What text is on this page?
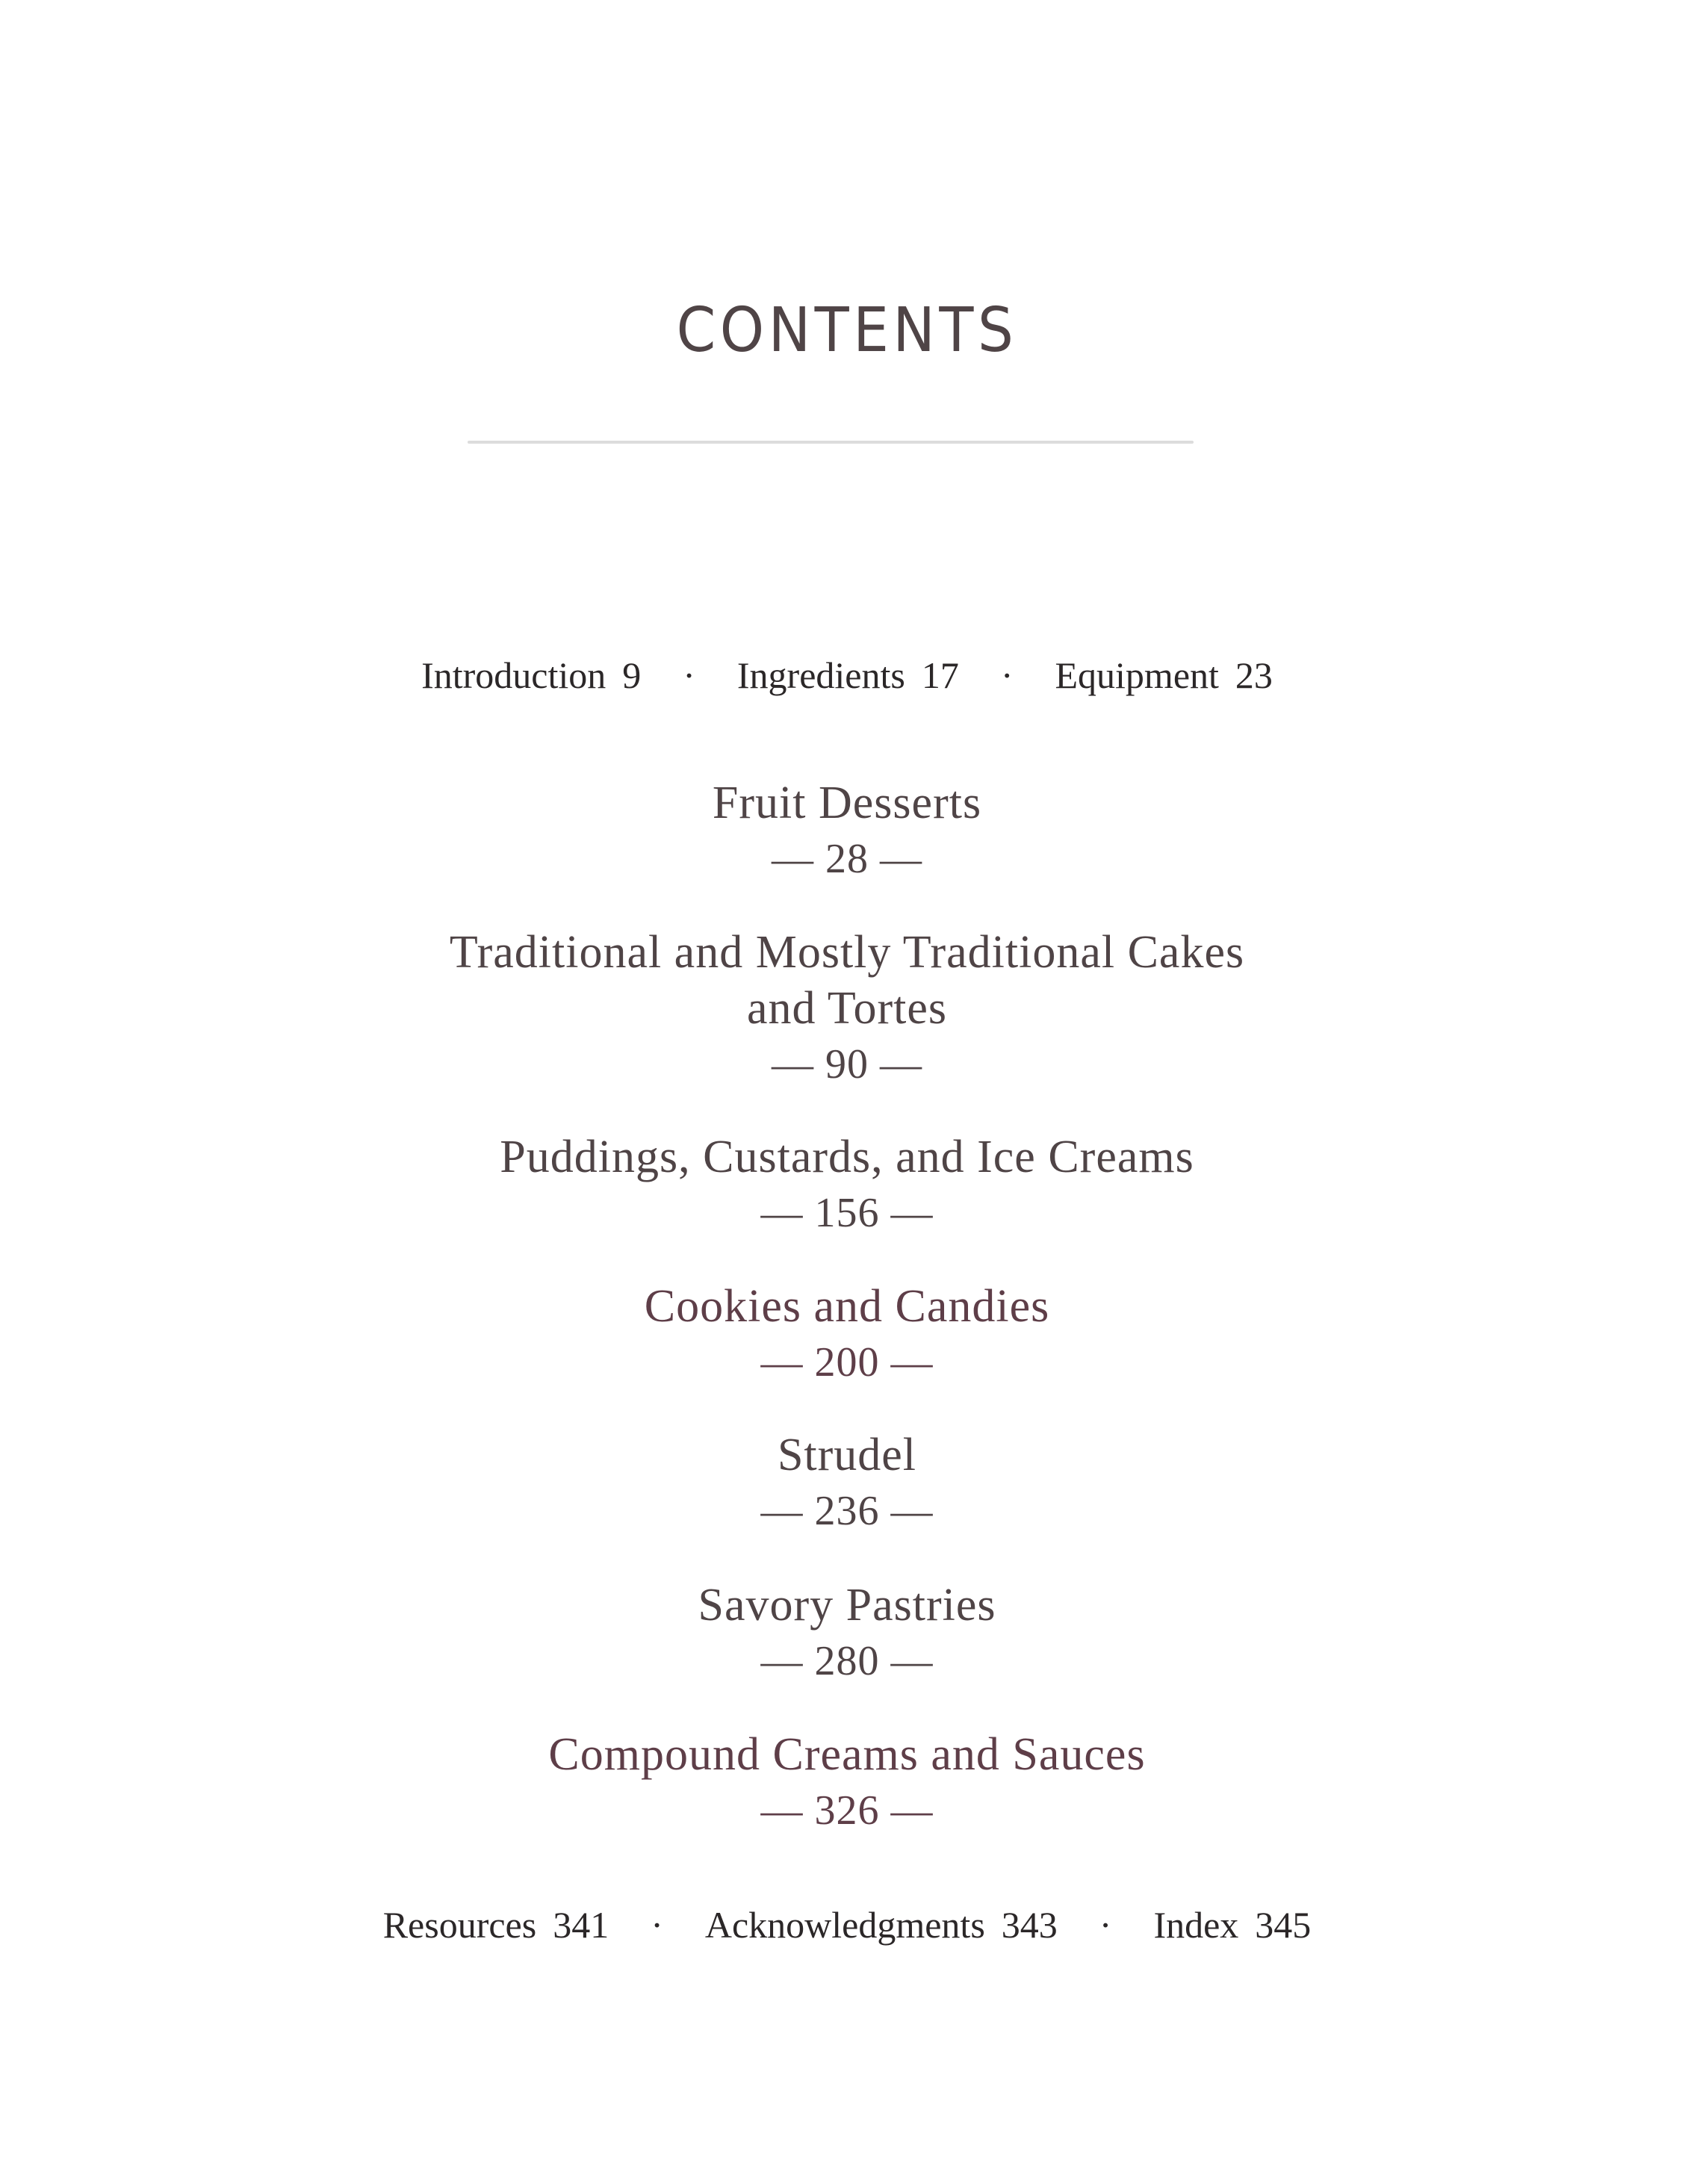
CONTENTS
Introduction 9 · Ingredients 17 · Equipment 23
Fruit Desserts
— 28 —
Traditional and Mostly Traditional Cakes
and Tortes
— 90 —
Puddings, Custards, and Ice Creams
— 156 —
Cookies and Candies
— 200 —
Strudel
— 236 —
Savory Pastries
— 280 —
Compound Creams and Sauces
— 326 —
Resources 341 · Acknowledgments 343 · Index 345
